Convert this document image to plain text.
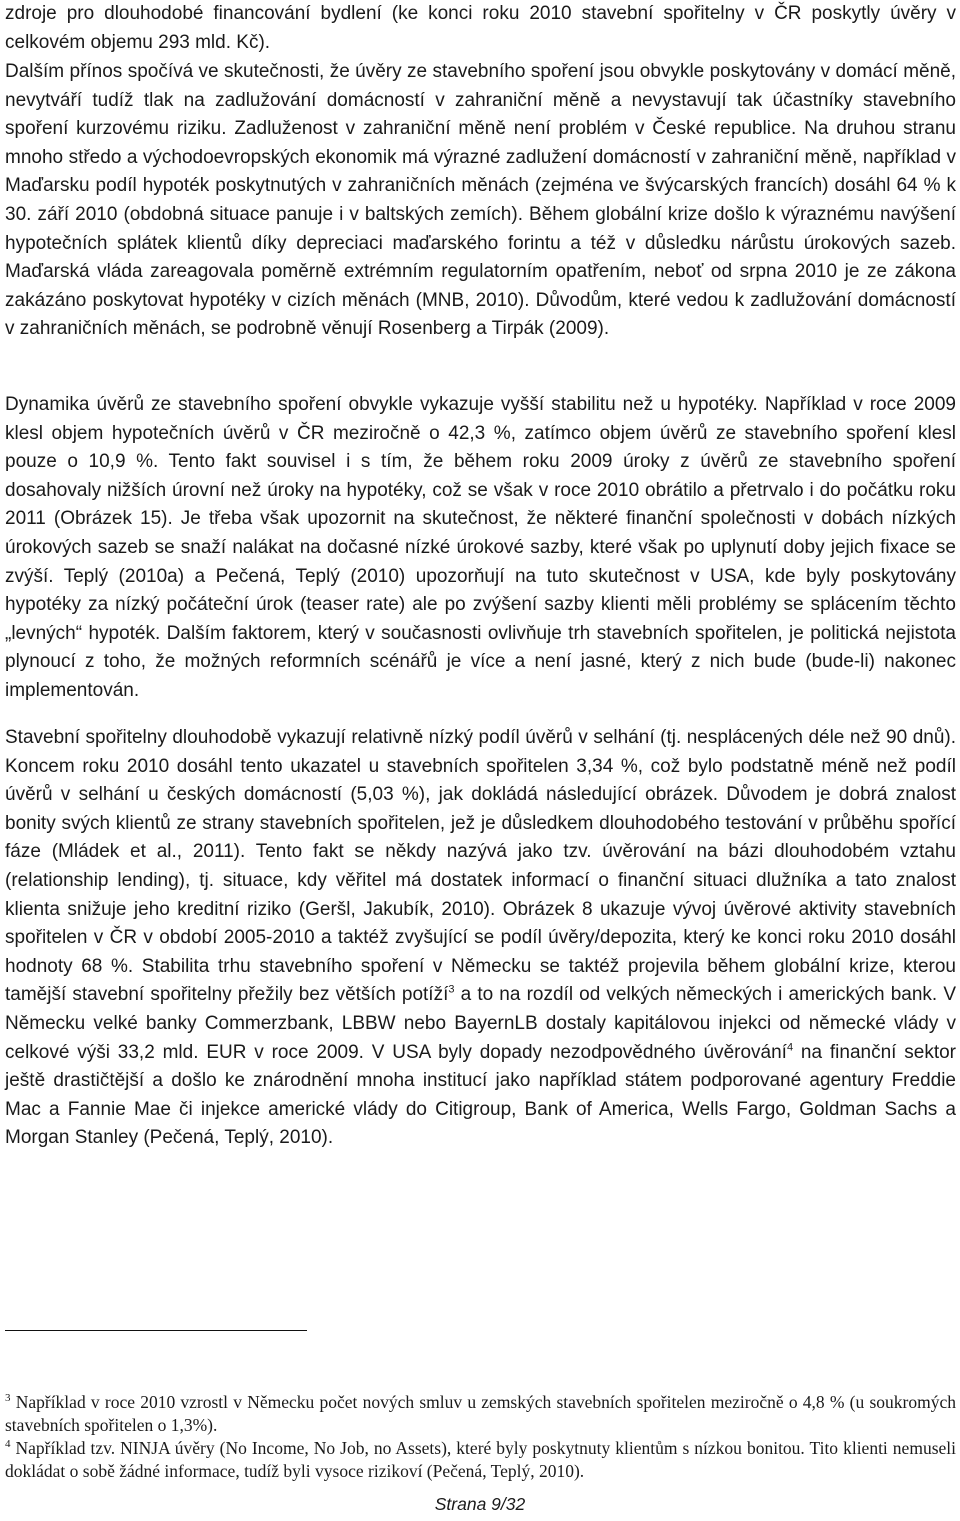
zdroje pro dlouhodobé financování bydlení (ke konci roku 2010 stavební spořitelny v ČR poskytly úvěry v celkovém objemu 293 mld. Kč).

Dalším přínos spočívá ve skutečnosti, že úvěry ze stavebního spoření jsou obvykle poskytovány v domácí měně, nevytváří tudíž tlak na zadlužování domácností v zahraniční měně a nevystavují tak účastníky stavebního spoření kurzovému riziku. Zadluženost v zahraniční měně není problém v České republice. Na druhou stranu mnoho středo a východoevropských ekonomik má výrazné zadlužení domácností v zahraniční měně, například v Maďarsku podíl hypoték poskytnutých v zahraničních měnách (zejména ve švýcarských francích) dosáhl 64 % k 30. září 2010 (obdobná situace panuje i v baltských zemích). Během globální krize došlo k výraznému navýšení hypotečních splátek klientů díky depreciaci maďarského forintu a též v důsledku nárůstu úrokových sazeb. Maďarská vláda zareagovala poměrně extrémním regulatorním opatřením, neboť od srpna 2010 je ze zákona zakázáno poskytovat hypotéky v cizích měnách (MNB, 2010). Důvodům, které vedou k zadlužování domácností v zahraničních měnách, se podrobně věnují Rosenberg a Tirpák (2009).

Dynamika úvěrů ze stavebního spoření obvykle vykazuje vyšší stabilitu než u hypotéky. Například v roce 2009 klesl objem hypotečních úvěrů v ČR meziročně o 42,3 %, zatímco objem úvěrů ze stavebního spoření klesl pouze o 10,9 %. Tento fakt souvisel i s tím, že během roku 2009 úroky z úvěrů ze stavebního spoření dosahovaly nižších úrovní než úroky na hypotéky, což se však v roce 2010 obrátilo a přetrvalo i do počátku roku 2011 (Obrázek 15). Je třeba však upozornit na skutečnost, že některé finanční společnosti v dobách nízkých úrokových sazeb se snaží nalákat na dočasné nízké úrokové sazby, které však po uplynutí doby jejich fixace se zvýší. Teplý (2010a) a Pečená, Teplý (2010) upozorňují na tuto skutečnost v USA, kde byly poskytovány hypotéky za nízký počáteční úrok (teaser rate) ale po zvýšení sazby klienti měli problémy se splácením těchto „levných“ hypoték. Dalším faktorem, který v současnosti ovlivňuje trh stavebních spořitelen, je politická nejistota plynoucí z toho, že možných reformních scénářů je více a není jasné, který z nich bude (bude-li) nakonec implementován.

Stavební spořitelny dlouhodobě vykazují relativně nízký podíl úvěrů v selhání (tj. nesplácených déle než 90 dnů). Koncem roku 2010 dosáhl tento ukazatel u stavebních spořitelen 3,34 %, což bylo podstatně méně než podíl úvěrů v selhání u českých domácností (5,03 %), jak dokládá následující obrázek. Důvodem je dobrá znalost bonity svých klientů ze strany stavebních spořitelen, jež je důsledkem dlouhodobého testování v průběhu spořící fáze (Mládek et al., 2011). Tento fakt se někdy nazývá jako tzv. úvěrování na bázi dlouhodobém vztahu (relationship lending), tj. situace, kdy věřitel má dostatek informací o finanční situaci dlužníka a tato znalost klienta snižuje jeho kreditní riziko (Geršl, Jakubík, 2010). Obrázek 8 ukazuje vývoj úvěrové aktivity stavebních spořitelen v ČR v období 2005-2010 a taktéž zvyšující se podíl úvěry/depozita, který ke konci roku 2010 dosáhl hodnoty 68 %. Stabilita trhu stavebního spoření v Německu se taktéž projevila během globální krize, kterou tamější stavební spořitelny přežily bez větších potíží$^3$ a to na rozdíl od velkých německých i amerických bank. V Německu velké banky Commerzbank, LBBW nebo BayernLB dostaly kapitálovou injekci od německé vlády v celkové výši 33,2 mld. EUR v roce 2009. V USA byly dopady nezodpovědného úvěrování$^4$ na finanční sektor ještě drastičtější a došlo ke znárodnění mnoha institucí jako například státem podporované agentury Freddie Mac a Fannie Mae či injekce americké vlády do Citigroup, Bank of America, Wells Fargo, Goldman Sachs a Morgan Stanley (Pečená, Teplý, 2010).

$^3$ Například v roce 2010 vzrostl v Německu počet nových smluv u zemských stavebních spořitelen meziročně o 4,8 % (u soukromých stavebních spořitelen o 1,3%).

$^4$ Například tzv. NINJA úvěry (No Income, No Job, no Assets), které byly poskytnuty klientům s nízkou bonitou. Tito klienti nemuseli dokládat o sobě žádné informace, tudíž byli vysoce rizikoví (Pečená, Teplý, 2010).

Strana 9/32
